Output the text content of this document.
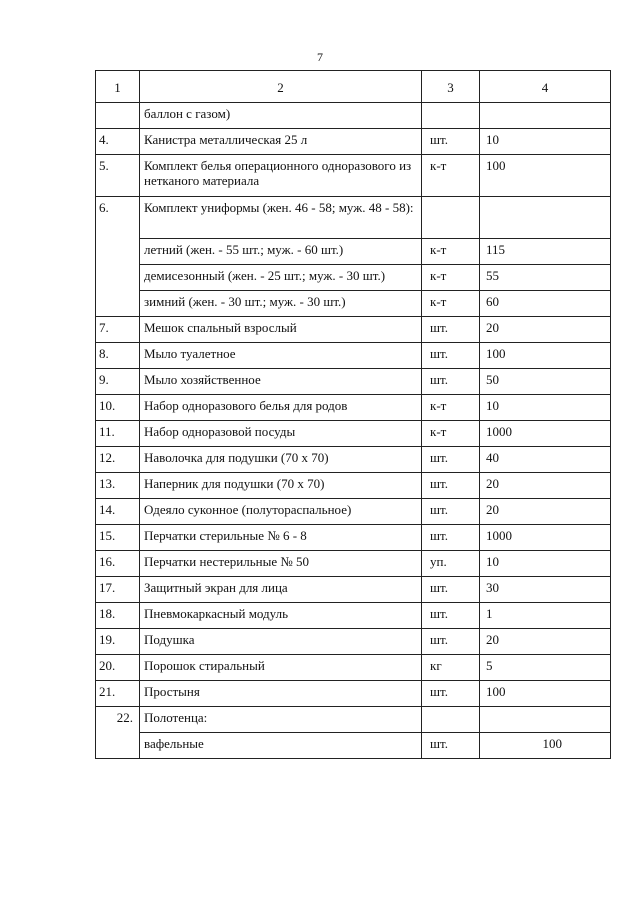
7
1	2	3	4
	баллон с газом)		
4.	Канистра металлическая 25 л	шт.	10
5.	Комплект белья операционного одноразового из нетканого материала	к-т	100
6.	Комплект униформы (жен. 46 - 58; муж. 48 - 58):		
	летний (жен. - 55 шт.; муж. - 60 шт.)	к-т	115
	демисезонный (жен. - 25 шт.; муж. - 30 шт.)	к-т	55
	зимний (жен. - 30 шт.; муж. - 30 шт.)	к-т	60
7.	Мешок спальный взрослый	шт.	20
8.	Мыло туалетное	шт.	100
9.	Мыло хозяйственное	шт.	50
10.	Набор одноразового белья для родов	к-т	10
11.	Набор одноразовой посуды	к-т	1000
12.	Наволочка для подушки (70 х 70)	шт.	40
13.	Наперник для подушки (70 х 70)	шт.	20
14.	Одеяло суконное (полутораспальное)	шт.	20
15.	Перчатки стерильные № 6 - 8	шт.	1000
16.	Перчатки нестерильные № 50	уп.	10
17.	Защитный экран для лица	шт.	30
18.	Пневмокаркасный модуль	шт.	1
19.	Подушка	шт.	20
20.	Порошок стиральный	кг	5
21.	Простыня	шт.	100
22.	Полотенца:		
	вафельные	шт.	100
